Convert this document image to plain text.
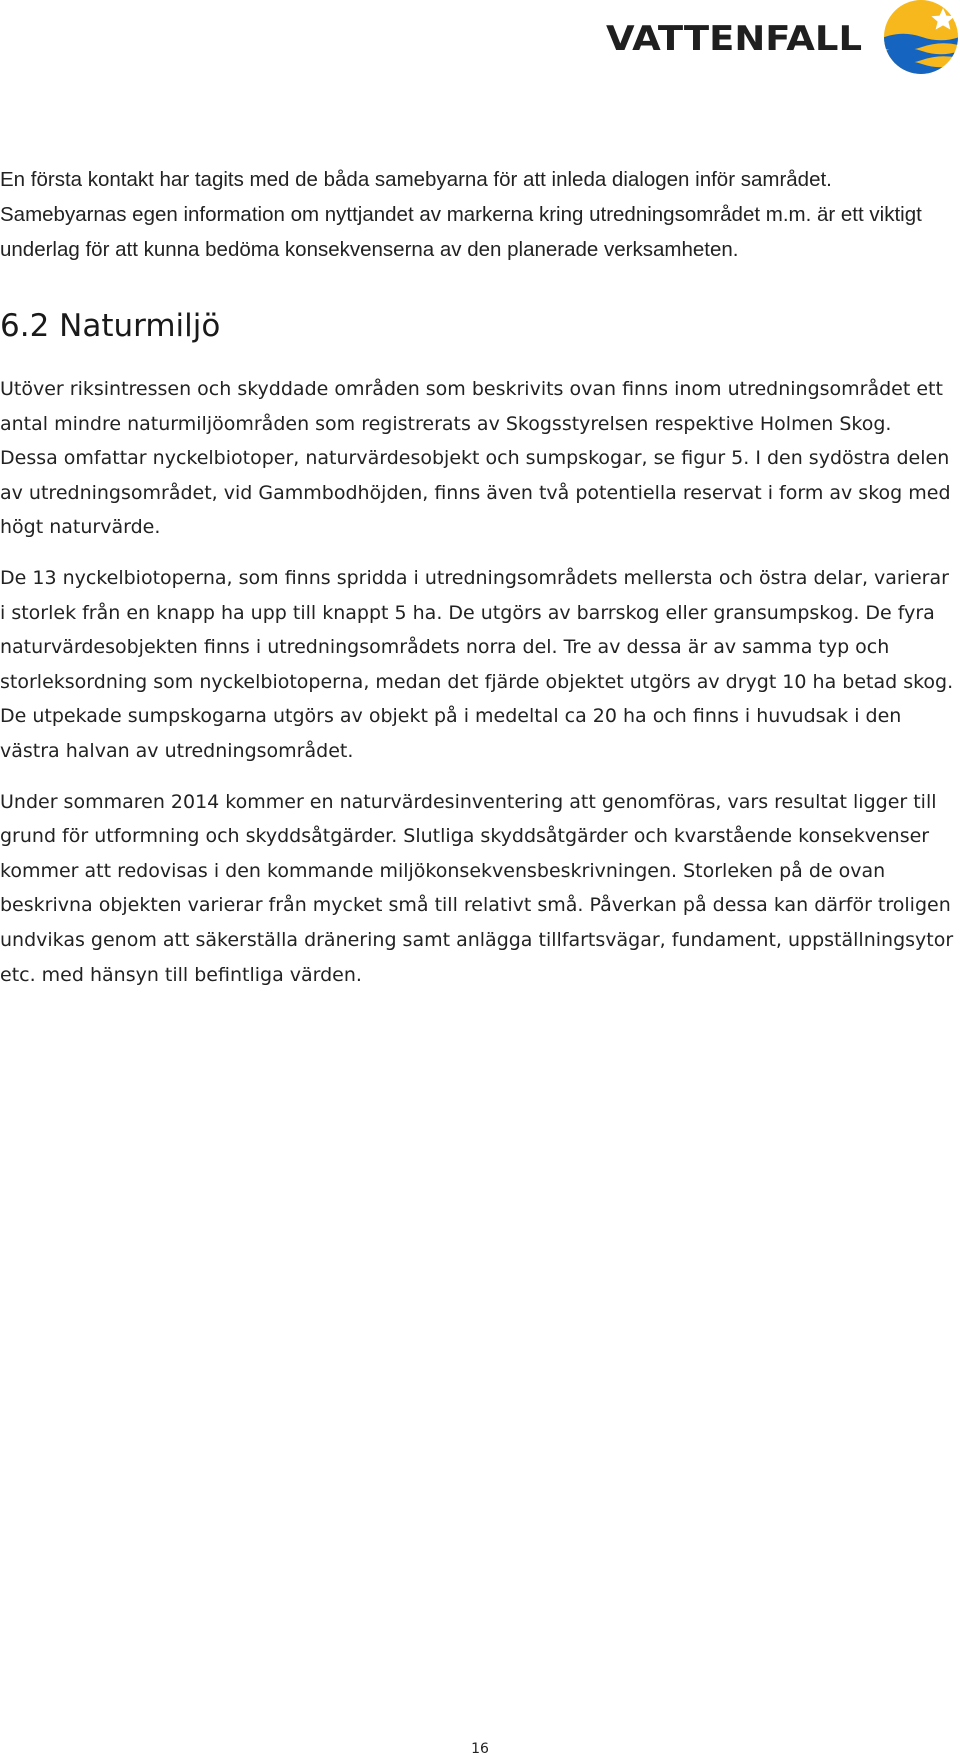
VATTENFALL

En första kontakt har tagits med de båda samebyarna för att inleda dialogen inför samrådet. Samebyarnas egen information om nyttjandet av markerna kring utredningsområdet m.m. är ett viktigt underlag för att kunna bedöma konsekvenserna av den planerade verksamheten.

6.2 Naturmiljö

Utöver riksintressen och skyddade områden som beskrivits ovan finns inom utredningsområdet ett antal mindre naturmiljöområden som registrerats av Skogsstyrelsen respektive Holmen Skog. Dessa omfattar nyckelbiotoper, naturvärdesobjekt och sumpskogar, se figur 5. I den sydöstra delen av utredningsområdet, vid Gammbodhöjden, finns även två potentiella reservat i form av skog med högt naturvärde.

De 13 nyckelbiotoperna, som finns spridda i utredningsområdets mellersta och östra delar, varierar i storlek från en knapp ha upp till knappt 5 ha. De utgörs av barrskog eller gransumpskog. De fyra naturvärdesobjekten finns i utredningsområdets norra del. Tre av dessa är av samma typ och storleksordning som nyckelbiotoperna, medan det fjärde objektet utgörs av drygt 10 ha betad skog. De utpekade sumpskogarna utgörs av objekt på i medeltal ca 20 ha och finns i huvudsak i den västra halvan av utredningsområdet.

Under sommaren 2014 kommer en naturvärdesinventering att genomföras, vars resultat ligger till grund för utformning och skyddsåtgärder. Slutliga skyddsåtgärder och kvarstående konsekvenser kommer att redovisas i den kommande miljökonsekvensbeskrivningen. Storleken på de ovan beskrivna objekten varierar från mycket små till relativt små. Påverkan på dessa kan därför troligen undvikas genom att säkerställa dränering samt anlägga tillfartsvägar, fundament, uppställningsytor etc. med hänsyn till befintliga värden.

16
